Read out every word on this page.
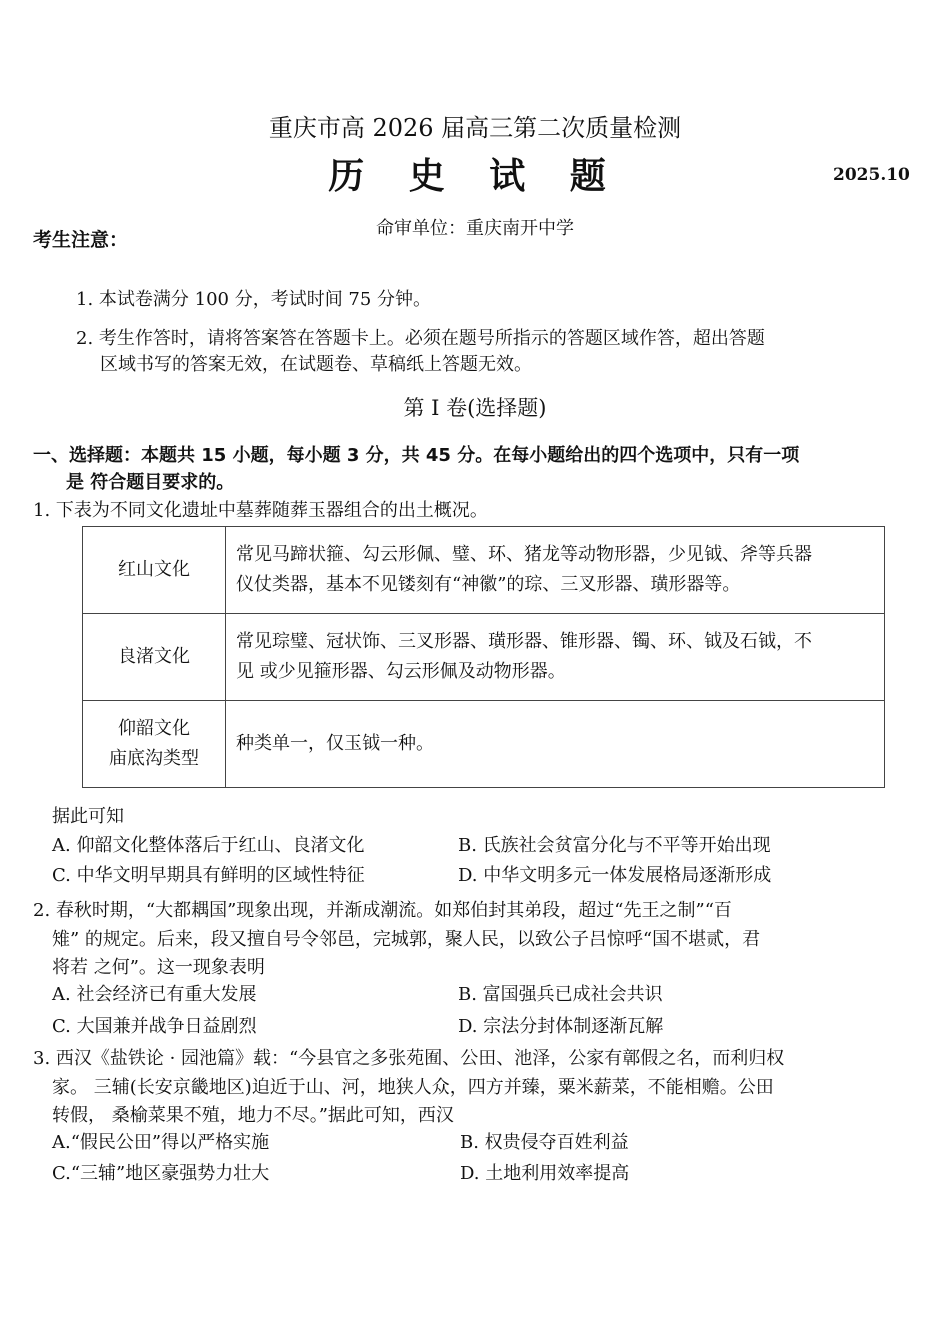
重庆市高 2026 届高三第二次质量检测
历 史 试 题	2025.10
命审单位：重庆南开中学
考生注意：
1. 本试卷满分 100 分，考试时间 75 分钟。
2. 考生作答时，请将答案答在答题卡上。必须在题号所指示的答题区域作答，超出答题
区域书写的答案无效，在试题卷、草稿纸上答题无效。
第 I 卷(选择题)
一、选择题：本题共 15 小题，每小题 3 分，共 45 分。在每小题给出的四个选项中，只有一项
是 符合题目要求的。
1. 下表为不同文化遗址中墓葬随葬玉器组合的出土概况。
红山文化	常见马蹄状箍、勾云形佩、璧、环、猪龙等动物形器，少见钺、斧等兵器
仪仗类器，基本不见镂刻有“神徽”的琮、三叉形器、璜形器等。

良渚文化	常见琮璧、冠状饰、三叉形器、璜形器、锥形器、镯、环、钺及石钺，不
见 或少见箍形器、勾云形佩及动物形器。

仰韶文化
庙底沟类型	种类单一，仅玉钺一种。
据此可知
A. 仰韶文化整体落后于红山、良渚文化	B. 氏族社会贫富分化与不平等开始出现
C. 中华文明早期具有鲜明的区域性特征	D. 中华文明多元一体发展格局逐渐形成
2. 春秋时期，“大都耦国”现象出现，并渐成潮流。如郑伯封其弟段，超过“先王之制”“百
雉” 的规定。后来，段又擅自号令邻邑，完城郭，聚人民，以致公子吕惊呼“国不堪贰，君
将若 之何”。这一现象表明
A. 社会经济已有重大发展	B. 富国强兵已成社会共识
C. 大国兼并战争日益剧烈	D. 宗法分封体制逐渐瓦解
3. 西汉《盐铁论 · 园池篇》载：“今县官之多张苑囿、公田、池泽，公家有鄣假之名，而利归权
家。 三辅(长安京畿地区)迫近于山、河，地狭人众，四方并臻，粟米薪菜，不能相赡。公田
转假， 桑榆菜果不殖，地力不尽。”据此可知，西汉
A.“假民公田”得以严格实施	B. 权贵侵夺百姓利益
C.“三辅”地区豪强势力壮大	D. 土地利用效率提高
